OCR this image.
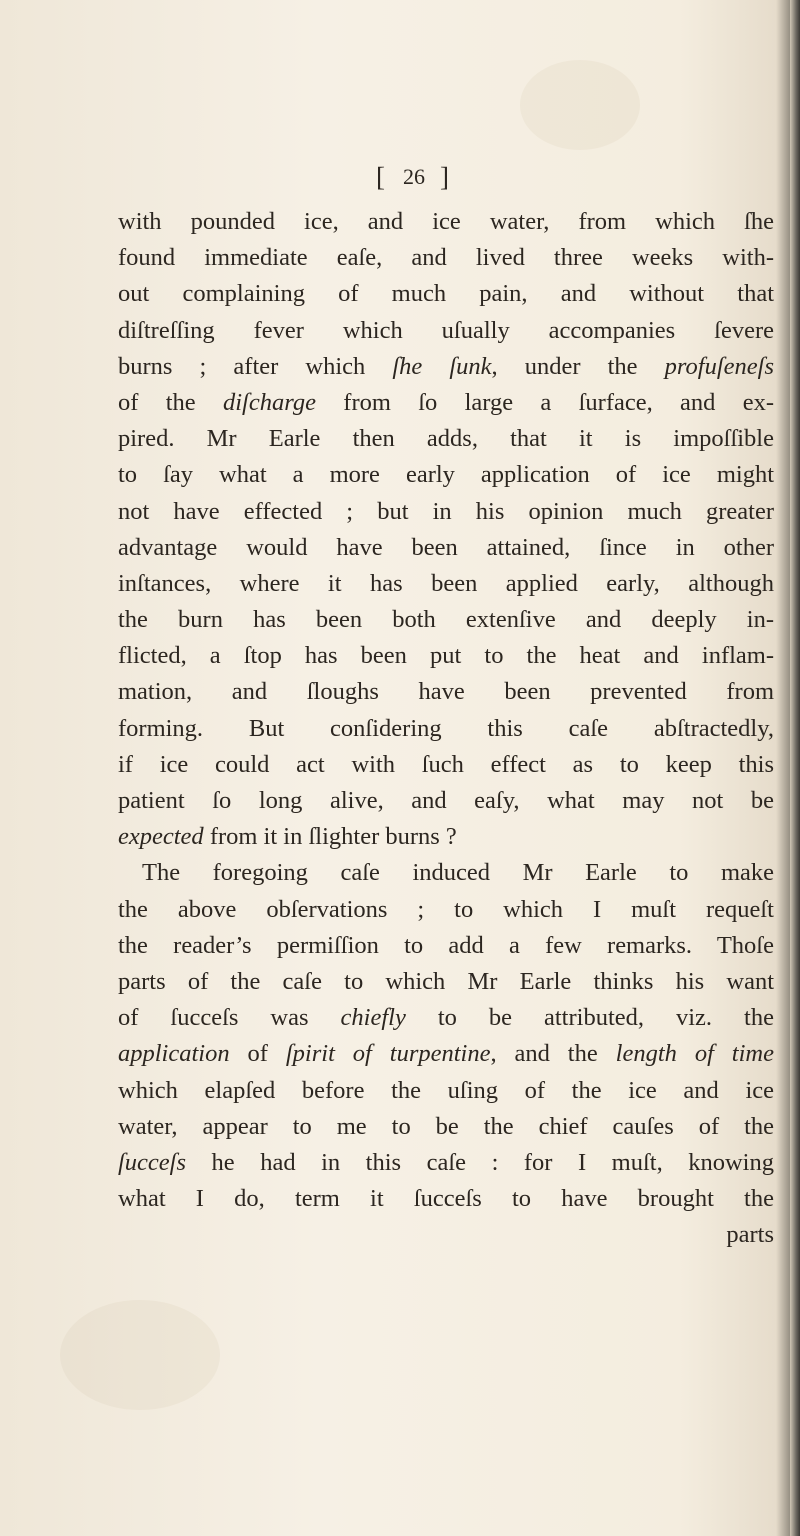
[ 26 ]
with pounded ice, and ice water, from which ſhe
found immediate eaſe, and lived three weeks with-
out complaining of much pain, and without that
diſtreſſing fever which uſually accompanies ſevere
burns ; after which ſhe ſunk, under the profuſeneſs
of the diſcharge from ſo large a ſurface, and ex-
pired. Mr Earle then adds, that it is impoſſible
to ſay what a more early application of ice might
not have effected ; but in his opinion much greater
advantage would have been attained, ſince in other
inſtances, where it has been applied early, although
the burn has been both extenſive and deeply in-
flicted, a ſtop has been put to the heat and inflam-
mation, and ſloughs have been prevented from
forming. But conſidering this caſe abſtractedly,
if ice could act with ſuch effect as to keep this
patient ſo long alive, and eaſy, what may not be
expected from it in ſlighter burns ?
The foregoing caſe induced Mr Earle to make
the above obſervations ; to which I muſt requeſt
the reader’s permiſſion to add a few remarks. Thoſe
parts of the caſe to which Mr Earle thinks his want
of ſucceſs was chiefly to be attributed, viz. the
application of ſpirit of turpentine, and the length of time
which elapſed before the uſing of the ice and ice
water, appear to me to be the chief cauſes of the
ſucceſs he had in this caſe : for I muſt, knowing
what I do, term it ſucceſs to have brought the
parts
